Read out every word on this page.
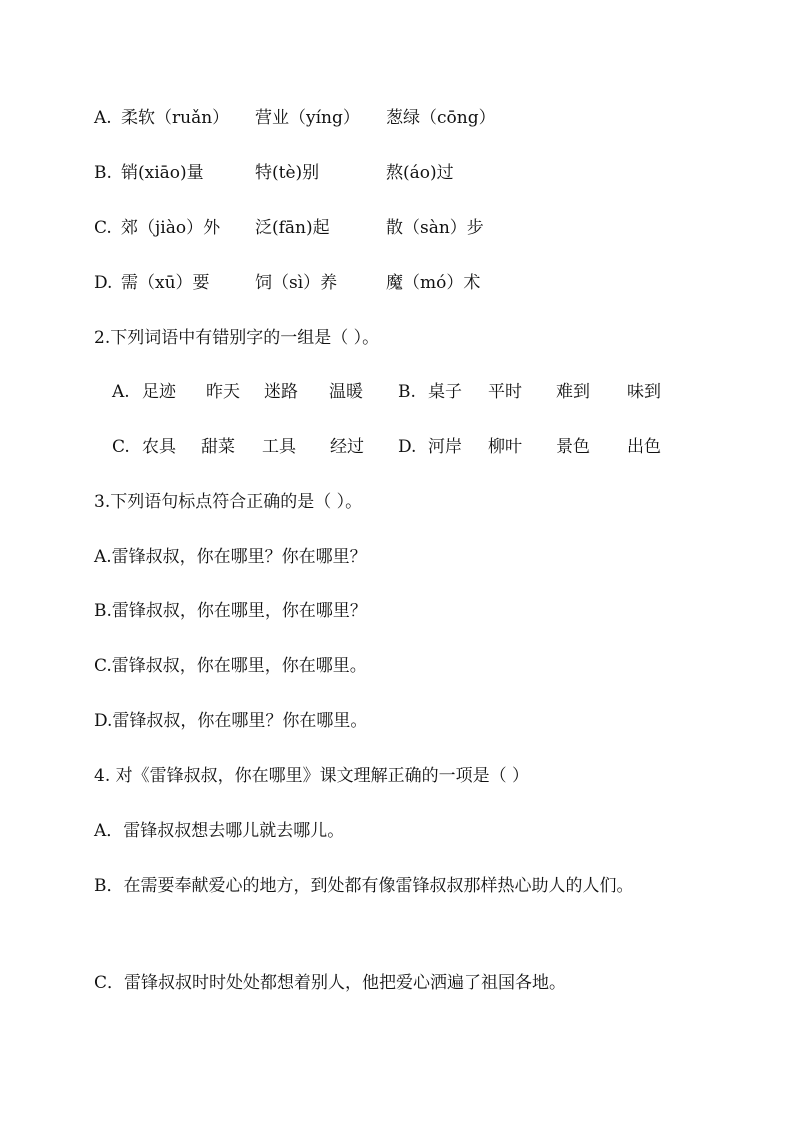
A. 柔软（ruǎn） 营业（yíng） 葱绿（cōng）
B. 销(xiāo)量	特(tè)别	熬(áo)过
C. 郊（jiào）外 泛(fān)起	散（sàn）步
D. 需（xū）要	饲（sì）养	魔（mó）术
2.下列词语中有错别字的一组是（ ）。
A. 足迹 昨天 迷路 温暖 B. 桌子 平时 难到 味到
C. 农具 甜菜 工具 经过 D. 河岸 柳叶 景色 出色
3.下列语句标点符合正确的是（ ）。
A.雷锋叔叔，你在哪里？你在哪里？
B.雷锋叔叔，你在哪里，你在哪里？
C.雷锋叔叔，你在哪里，你在哪里。
D.雷锋叔叔，你在哪里？你在哪里。
4. 对《雷锋叔叔，你在哪里》课文理解正确的一项是（ ）
A．雷锋叔叔想去哪儿就去哪儿。
B．在需要奉献爱心的地方，到处都有像雷锋叔叔那样热心助人的人们。
C．雷锋叔叔时时处处都想着别人，他把爱心洒遍了祖国各地。
